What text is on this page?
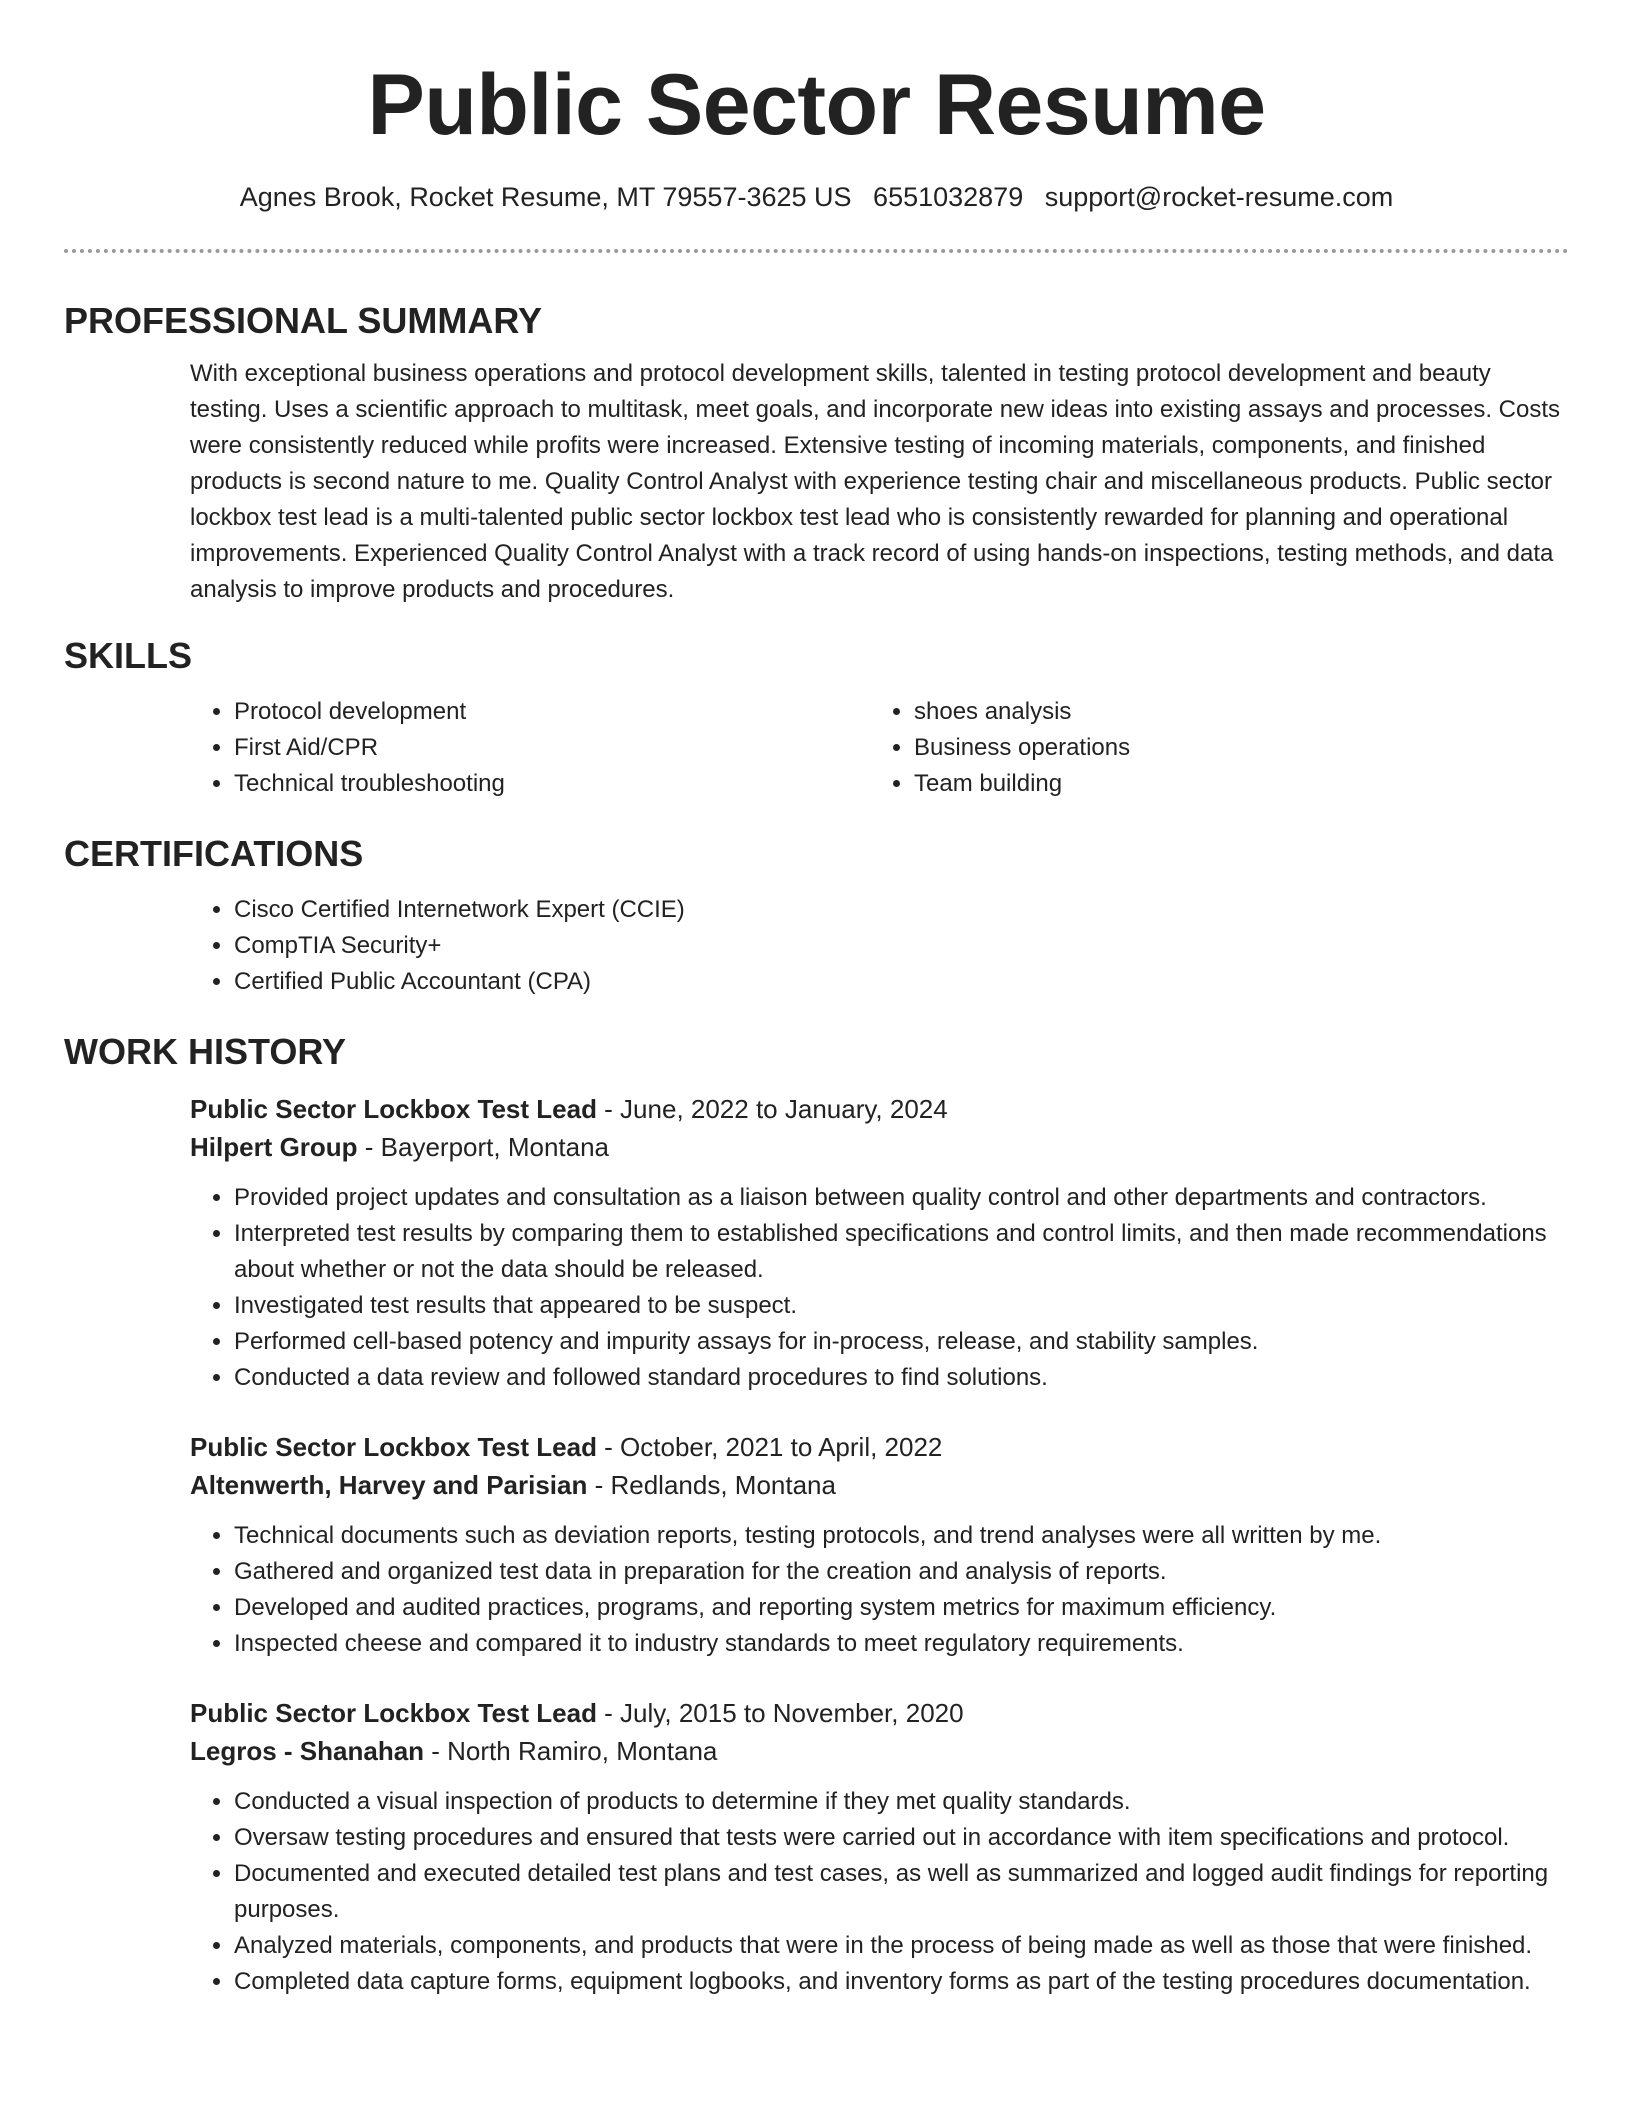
Public Sector Resume
Agnes Brook, Rocket Resume, MT 79557-3625 US 6551032879 support@rocket-resume.com
PROFESSIONAL SUMMARY
With exceptional business operations and protocol development skills, talented in testing protocol development and beauty testing. Uses a scientific approach to multitask, meet goals, and incorporate new ideas into existing assays and processes. Costs were consistently reduced while profits were increased. Extensive testing of incoming materials, components, and finished products is second nature to me. Quality Control Analyst with experience testing chair and miscellaneous products. Public sector lockbox test lead is a multi-talented public sector lockbox test lead who is consistently rewarded for planning and operational improvements. Experienced Quality Control Analyst with a track record of using hands-on inspections, testing methods, and data analysis to improve products and procedures.
SKILLS
• Protocol development
• First Aid/CPR
• Technical troubleshooting
• shoes analysis
• Business operations
• Team building
CERTIFICATIONS
• Cisco Certified Internetwork Expert (CCIE)
• CompTIA Security+
• Certified Public Accountant (CPA)
WORK HISTORY
Public Sector Lockbox Test Lead - June, 2022 to January, 2024
Hilpert Group - Bayerport, Montana
• Provided project updates and consultation as a liaison between quality control and other departments and contractors.
• Interpreted test results by comparing them to established specifications and control limits, and then made recommendations about whether or not the data should be released.
• Investigated test results that appeared to be suspect.
• Performed cell-based potency and impurity assays for in-process, release, and stability samples.
• Conducted a data review and followed standard procedures to find solutions.
Public Sector Lockbox Test Lead - October, 2021 to April, 2022
Altenwerth, Harvey and Parisian - Redlands, Montana
• Technical documents such as deviation reports, testing protocols, and trend analyses were all written by me.
• Gathered and organized test data in preparation for the creation and analysis of reports.
• Developed and audited practices, programs, and reporting system metrics for maximum efficiency.
• Inspected cheese and compared it to industry standards to meet regulatory requirements.
Public Sector Lockbox Test Lead - July, 2015 to November, 2020
Legros - Shanahan - North Ramiro, Montana
• Conducted a visual inspection of products to determine if they met quality standards.
• Oversaw testing procedures and ensured that tests were carried out in accordance with item specifications and protocol.
• Documented and executed detailed test plans and test cases, as well as summarized and logged audit findings for reporting purposes.
• Analyzed materials, components, and products that were in the process of being made as well as those that were finished.
• Completed data capture forms, equipment logbooks, and inventory forms as part of the testing procedures documentation.
